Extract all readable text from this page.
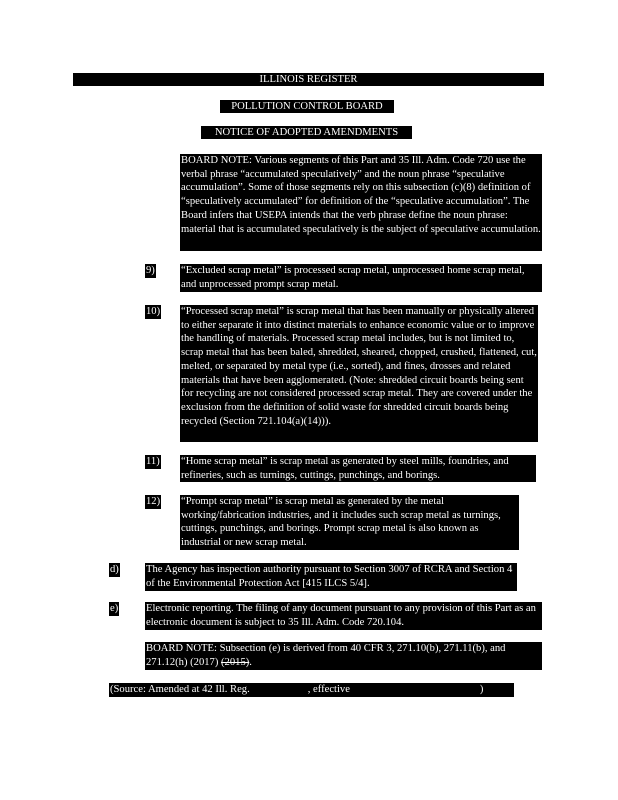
ILLINOIS REGISTER
POLLUTION CONTROL BOARD
NOTICE OF ADOPTED AMENDMENTS
BOARD NOTE: Various segments of this Part and 35 Ill. Adm. Code 720 use the verbal phrase “accumulated speculatively” and the noun phrase “speculative accumulation”. Some of those segments rely on this subsection (c)(8) definition of “speculatively accumulated” for definition of the “speculative accumulation”. The Board infers that USEPA intends that the verb phrase define the noun phrase: material that is accumulated speculatively is the subject of speculative accumulation.
9) “Excluded scrap metal” is processed scrap metal, unprocessed home scrap metal, and unprocessed prompt scrap metal.
10) “Processed scrap metal” is scrap metal that has been manually or physically altered to either separate it into distinct materials to enhance economic value or to improve the handling of materials. Processed scrap metal includes, but is not limited to, scrap metal that has been baled, shredded, sheared, chopped, crushed, flattened, cut, melted, or separated by metal type (i.e., sorted), and fines, drosses and related materials that have been agglomerated. (Note: shredded circuit boards being sent for recycling are not considered processed scrap metal. They are covered under the exclusion from the definition of solid waste for shredded circuit boards being recycled (Section 721.104(a)(14))).
11) “Home scrap metal” is scrap metal as generated by steel mills, foundries, and refineries, such as turnings, cuttings, punchings, and borings.
12) “Prompt scrap metal” is scrap metal as generated by the metal working/fabrication industries, and it includes such scrap metal as turnings, cuttings, punchings, and borings. Prompt scrap metal is also known as industrial or new scrap metal.
d)	The Agency has inspection authority pursuant to Section 3007 of RCRA and Section 4 of the Environmental Protection Act [415 ILCS 5/4].
e)	Electronic reporting. The filing of any document pursuant to any provision of this Part as an electronic document is subject to 35 Ill. Adm. Code 720.104.
BOARD NOTE: Subsection (e) is derived from 40 CFR 3, 271.10(b), 271.11(b), and 271.12(h) (2017) (2015).
(Source: Amended at 42 Ill. Reg.	, effective	)
